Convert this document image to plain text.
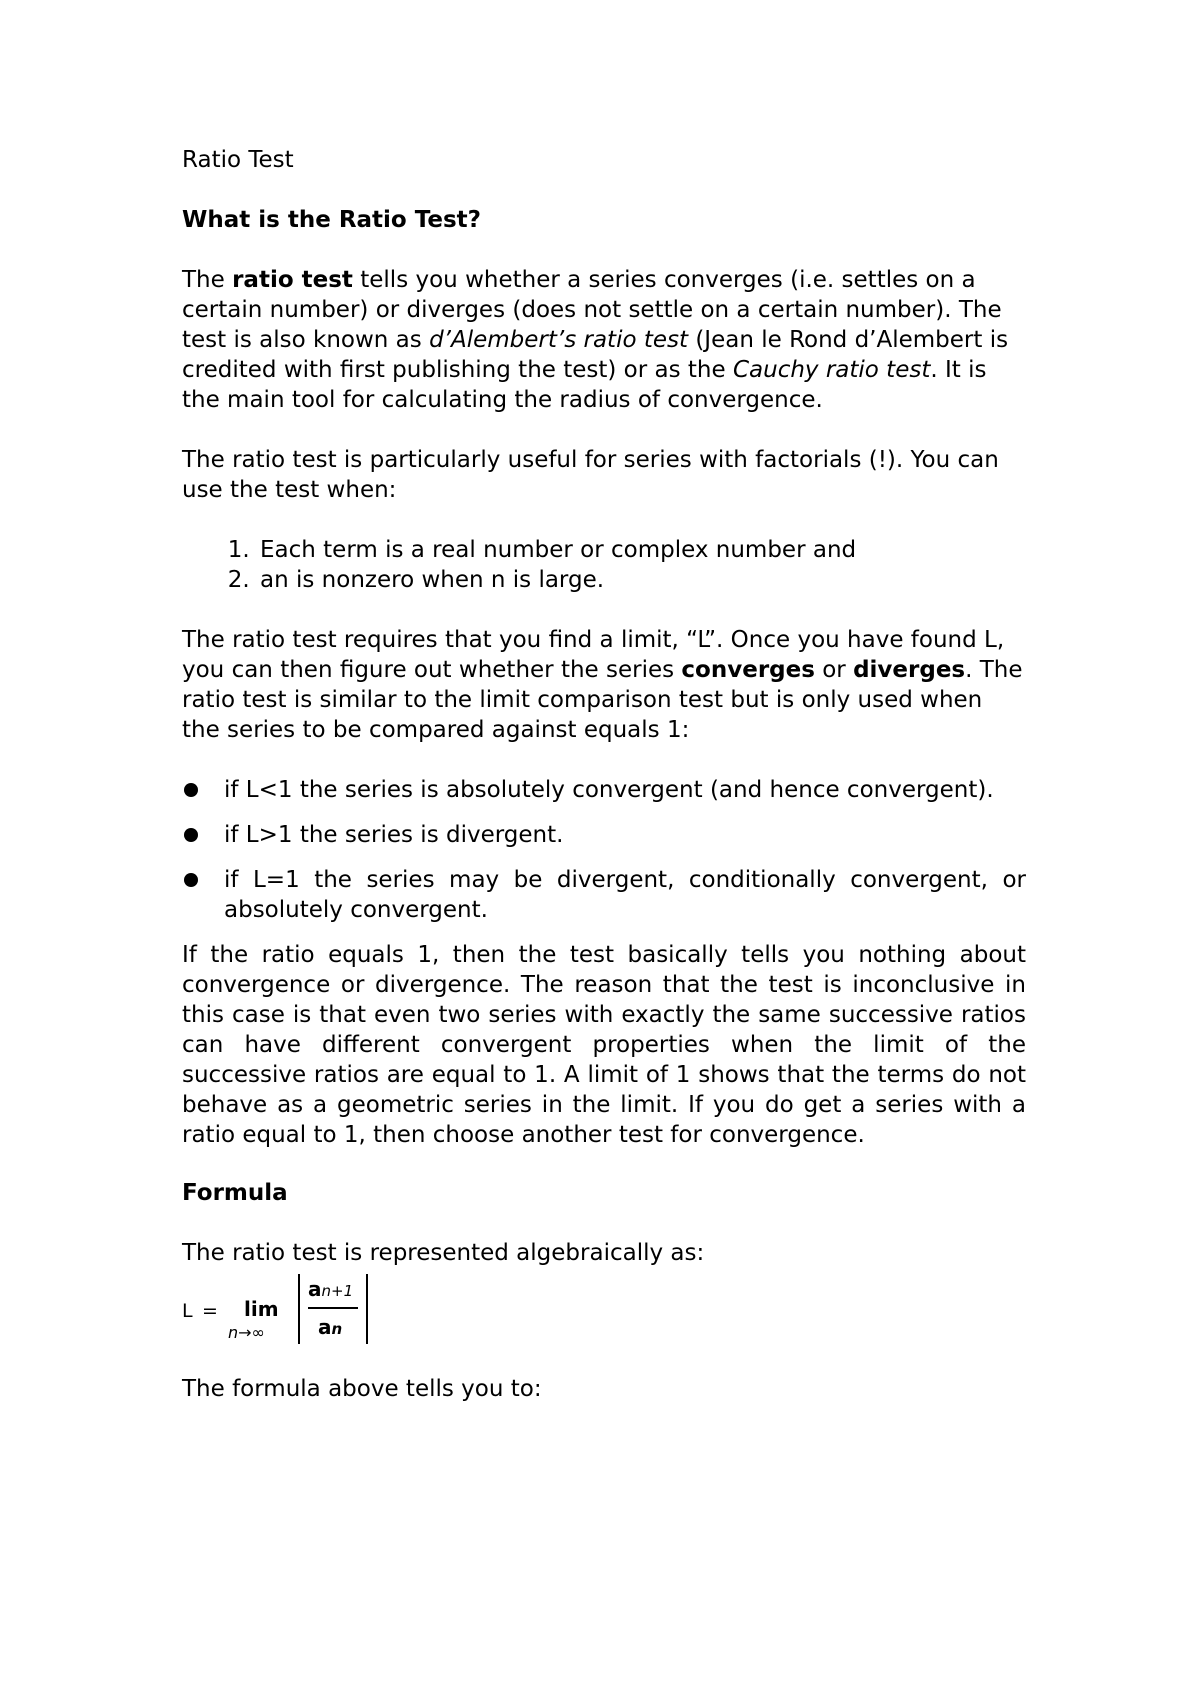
Ratio Test

What is the Ratio Test?

The ratio test tells you whether a series converges (i.e. settles on a certain number) or diverges (does not settle on a certain number). The test is also known as d’Alembert’s ratio test (Jean le Rond d’Alembert is credited with first publishing the test) or as the Cauchy ratio test. It is the main tool for calculating the radius of convergence.

The ratio test is particularly useful for series with factorials (!). You can use the test when:

1. Each term is a real number or complex number and
2. an is nonzero when n is large.

The ratio test requires that you find a limit, “L”. Once you have found L, you can then figure out whether the series converges or diverges. The ratio test is similar to the limit comparison test but is only used when the series to be compared against equals 1:

if L<1 the series is absolutely convergent (and hence convergent).
if L>1 the series is divergent.
if L=1 the series may be divergent, conditionally convergent, or absolutely convergent.

If the ratio equals 1, then the test basically tells you nothing about convergence or divergence. The reason that the test is inconclusive in this case is that even two series with exactly the same successive ratios can have different convergent properties when the limit of the successive ratios are equal to 1. A limit of 1 shows that the terms do not behave as a geometric series in the limit. If you do get a series with a ratio equal to 1, then choose another test for convergence.

Formula

The ratio test is represented algebraically as:

L = lim
n→∞
an+1
an

The formula above tells you to:
